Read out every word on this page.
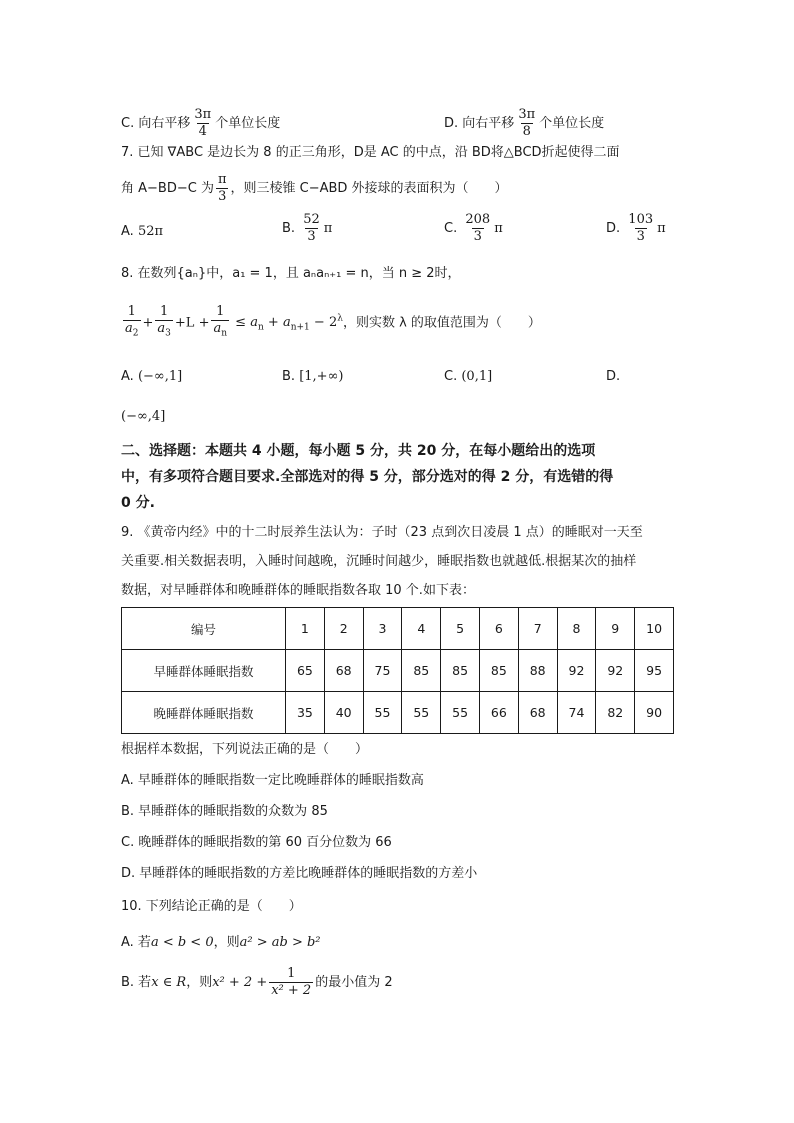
C. 向右平移 $\frac{3\pi}{4}$ 个单位长度	D. 向右平移 $\frac{3\pi}{8}$ 个单位长度
7. 已知 ∇ABC 是边长为 8 的正三角形，D是 AC 的中点，沿 BD将△BCD折起使得二面
角 A−BD−C 为 $\frac{\pi}{3}$ ，则三棱锥 C−ABD 外接球的表面积为（　　）
A. 52π	B. $\frac{52}{3}$ π	C. $\frac{208}{3}$ π	D. $\frac{103}{3}$ π
8. 在数列{aₙ}中，a₁ = 1，且 aₙaₙ₊₁ = n，当 n ≥ 2时，
$\frac{1}{a_2} + \frac{1}{a_3} +L + \frac{1}{a_n} \le a_n + a_{n+1} - 2^\lambda$，则实数 λ 的取值范围为（　　）
A. (−∞,1]	B. [1,+∞)	C. (0,1]	D.
(−∞,4]
二、选择题：本题共 4 小题，每小题 5 分，共 20 分，在每小题给出的选项
中，有多项符合题目要求.全部选对的得 5 分，部分选对的得 2 分，有选错的得
0 分.
9. 《黄帝内经》中的十二时辰养生法认为：子时（23 点到次日凌晨 1 点）的睡眠对一天至
关重要.相关数据表明，入睡时间越晚，沉睡时间越少，睡眠指数也就越低.根据某次的抽样
数据，对早睡群体和晚睡群体的睡眠指数各取 10 个.如下表：
编号	1	2	3	4	5	6	7	8	9	10
早睡群体睡眠指数	65	68	75	85	85	85	88	92	92	95
晚睡群体睡眠指数	35	40	55	55	55	66	68	74	82	90
根据样本数据，下列说法正确的是（　　）
A. 早睡群体的睡眠指数一定比晚睡群体的睡眠指数高
B. 早睡群体的睡眠指数的众数为 85
C. 晚睡群体的睡眠指数的第 60 百分位数为 66
D. 早睡群体的睡眠指数的方差比晚睡群体的睡眠指数的方差小
10. 下列结论正确的是（　　）
A. 若a < b < 0，则a² > ab > b²
B. 若x ∈ R，则$x^2 + 2 + \frac{1}{\text{x² + 2}}$ 的最小值为 2
